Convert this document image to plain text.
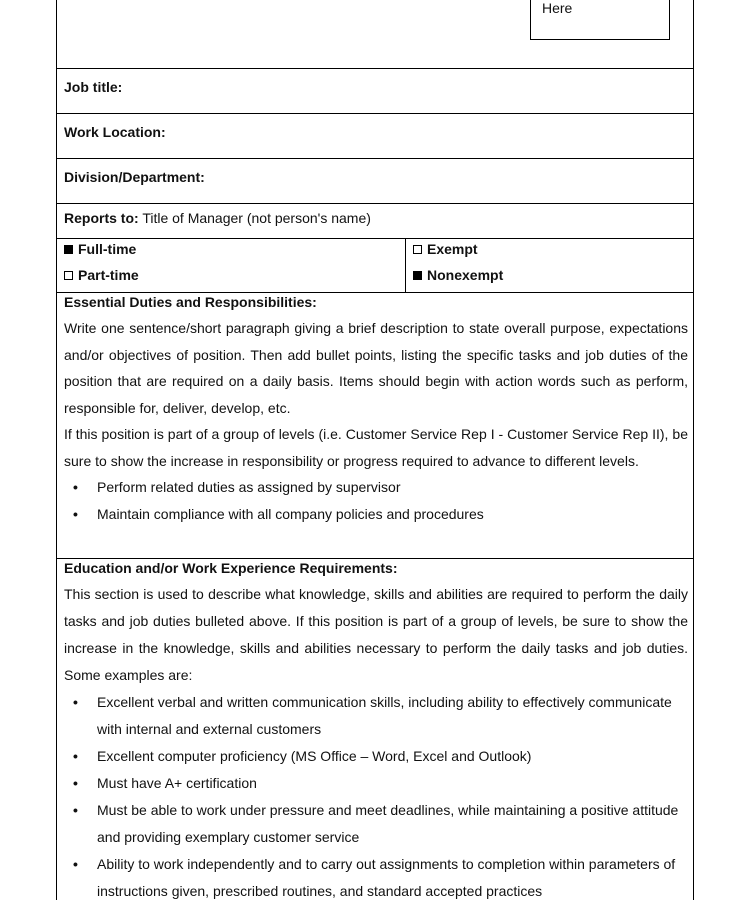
Here
Job title:
Work Location:
Division/Department:
Reports to: Title of Manager (not person's name)
Full-time
Part-time
Exempt
Nonexempt
Essential Duties and Responsibilities:

Write one sentence/short paragraph giving a brief description to state overall purpose, expectations and/or objectives of position. Then add bullet points, listing the specific tasks and job duties of the position that are required on a daily basis. Items should begin with action words such as perform, responsible for, deliver, develop, etc.

If this position is part of a group of levels (i.e. Customer Service Rep I - Customer Service Rep II), be sure to show the increase in responsibility or progress required to advance to different levels.

• Perform related duties as assigned by supervisor
• Maintain compliance with all company policies and procedures
Education and/or Work Experience Requirements:

This section is used to describe what knowledge, skills and abilities are required to perform the daily tasks and job duties bulleted above. If this position is part of a group of levels, be sure to show the increase in the knowledge, skills and abilities necessary to perform the daily tasks and job duties. Some examples are:

• Excellent verbal and written communication skills, including ability to effectively communicate with internal and external customers
• Excellent computer proficiency (MS Office – Word, Excel and Outlook)
• Must have A+ certification
• Must be able to work under pressure and meet deadlines, while maintaining a positive attitude and providing exemplary customer service
• Ability to work independently and to carry out assignments to completion within parameters of instructions given, prescribed routines, and standard accepted practices
